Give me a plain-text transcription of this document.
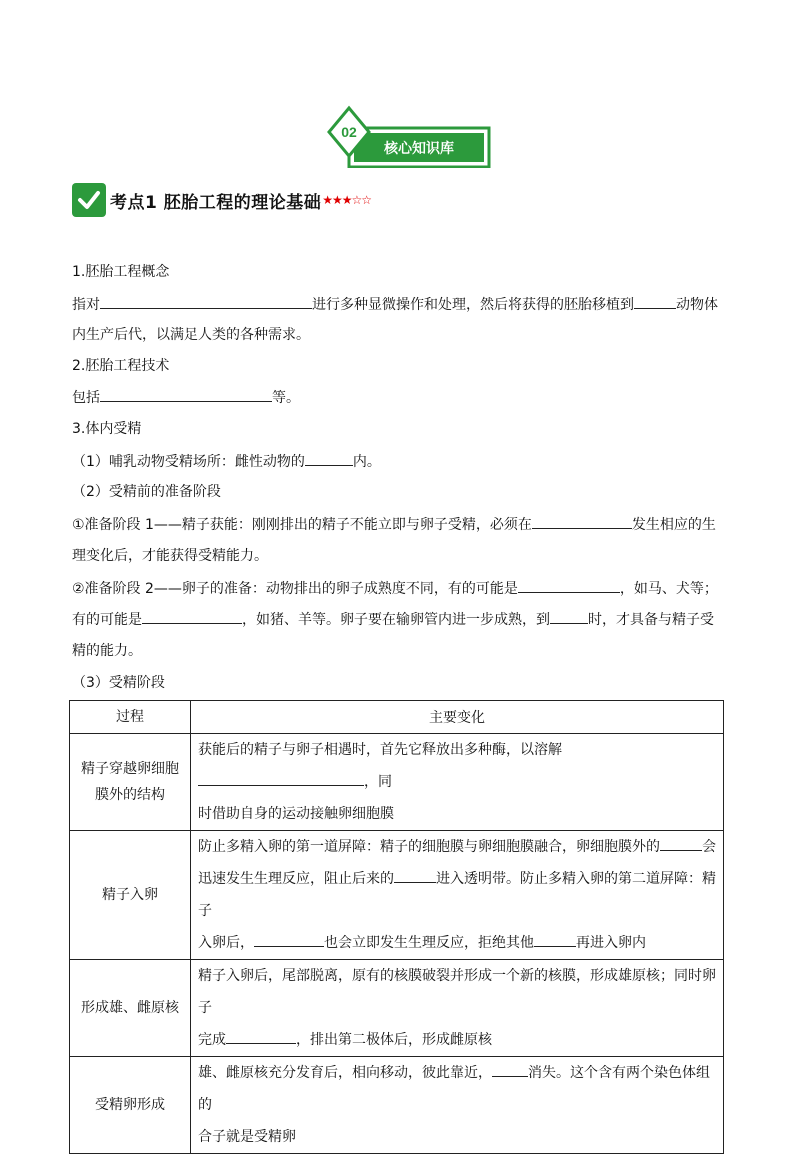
02
核心知识库
考点1 胚胎工程的理论基础 ★★★☆☆
1.胚胎工程概念
指对	进行多种显微操作和处理，然后将获得的胚胎移植到	动物体
内生产后代，以满足人类的各种需求。
2.胚胎工程技术
包括	等。
3.体内受精
（1）哺乳动物受精场所：雌性动物的	内。
（2）受精前的准备阶段
①准备阶段 1——精子获能：刚刚排出的精子不能立即与卵子受精，必须在	发生相应的生
理变化后，才能获得受精能力。
②准备阶段 2——卵子的准备：动物排出的卵子成熟度不同，有的可能是	，如马、犬等；
有的可能是	，如猪、羊等。卵子要在输卵管内进一步成熟，到	时，才具备与精子受
精的能力。
（3）受精阶段
过程	主要变化
精子穿越卵细胞
膜外的结构	获能后的精子与卵子相遇时，首先它释放出多种酶，以溶解，同
时借助自身的运动接触卵细胞膜
精子入卵	防止多精入卵的第一道屏障：精子的细胞膜与卵细胞膜融合，卵细胞膜外的 会
迅速发生生理反应，阻止后来的 进入透明带。防止多精入卵的第二道屏障：精子
入卵后， 也会立即发生生理反应，拒绝其他 再进入卵内
形成雄、雌原核	精子入卵后，尾部脱离，原有的核膜破裂并形成一个新的核膜，形成雄原核；同时卵子
完成 ，排出第二极体后，形成雌原核
受精卵形成	雄、雌原核充分发育后，相向移动，彼此靠近， 消失。这个含有两个染色体组的
合子就是受精卵
